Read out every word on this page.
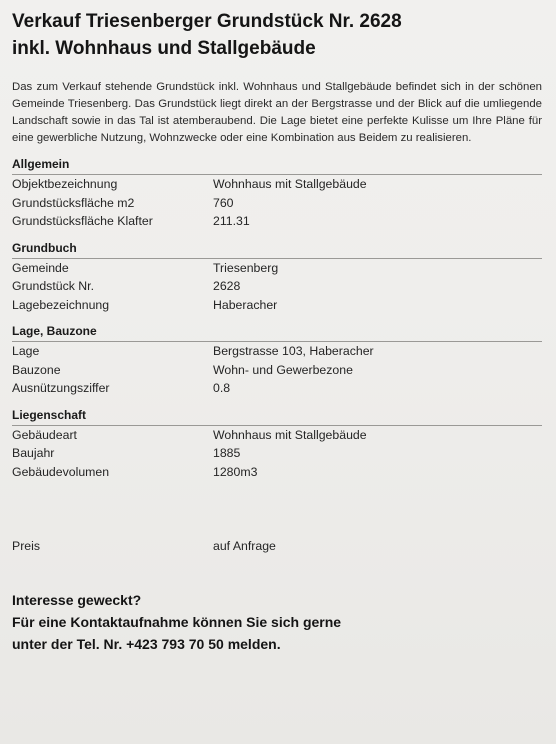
Verkauf Triesenberger Grundstück Nr. 2628
inkl. Wohnhaus und Stallgebäude

Das zum Verkauf stehende Grundstück inkl. Wohnhaus und Stallgebäude befindet sich in der schönen Gemeinde Triesenberg. Das Grundstück liegt direkt an der Bergstrasse und der Blick auf die umliegende Landschaft sowie in das Tal ist atemberaubend. Die Lage bietet eine perfekte Kulisse um Ihre Pläne für eine gewerbliche Nutzung, Wohnzwecke oder eine Kombination aus Beidem zu realisieren.

Allgemein
Objektbezeichnung	Wohnhaus mit Stallgebäude
Grundstücksfläche m2	760
Grundstücksfläche Klafter	211.31
Grundbuch
Gemeinde	Triesenberg
Grundstück Nr.	2628
Lagebezeichnung	Haberacher
Lage, Bauzone
Lage	Bergstrasse 103, Haberacher
Bauzone	Wohn- und Gewerbezone
Ausnützungsziffer	0.8
Liegenschaft
Gebäudeart	Wohnhaus mit Stallgebäude
Baujahr	1885
Gebäudevolumen	1280m3
Preis	auf Anfrage
Interesse geweckt?
Für eine Kontaktaufnahme können Sie sich gerne
unter der Tel. Nr. +423 793 70 50 melden.
